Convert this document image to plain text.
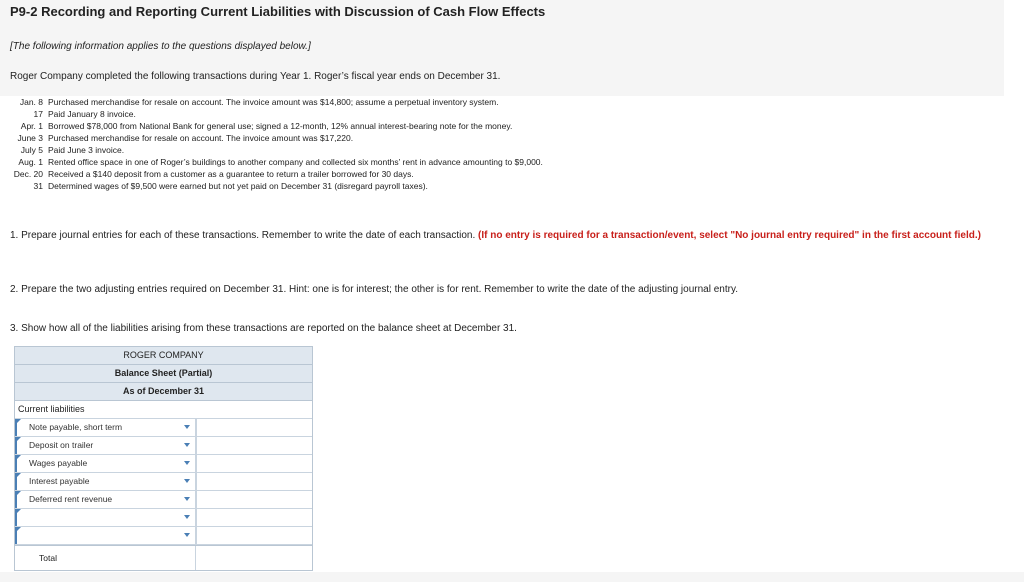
P9-2 Recording and Reporting Current Liabilities with Discussion of Cash Flow Effects
[The following information applies to the questions displayed below.]
Roger Company completed the following transactions during Year 1. Roger’s fiscal year ends on December 31.
Jan. 8 Purchased merchandise for resale on account. The invoice amount was $14,800; assume a perpetual inventory system.
17 Paid January 8 invoice.
Apr. 1 Borrowed $78,000 from National Bank for general use; signed a 12-month, 12% annual interest-bearing note for the money.
June 3 Purchased merchandise for resale on account. The invoice amount was $17,220.
July 5 Paid June 3 invoice.
Aug. 1 Rented office space in one of Roger’s buildings to another company and collected six months’ rent in advance amounting to $9,000.
Dec. 20 Received a $140 deposit from a customer as a guarantee to return a trailer borrowed for 30 days.
31 Determined wages of $9,500 were earned but not yet paid on December 31 (disregard payroll taxes).
1. Prepare journal entries for each of these transactions. Remember to write the date of each transaction. (If no entry is required for a transaction/event, select "No journal entry required" in the first account field.)
2. Prepare the two adjusting entries required on December 31. Hint: one is for interest; the other is for rent. Remember to write the date of the adjusting journal entry.
3. Show how all of the liabilities arising from these transactions are reported on the balance sheet at December 31.
ROGER COMPANY
Balance Sheet (Partial)
As of December 31
Current liabilities
Note payable, short term
Deposit on trailer
Wages payable
Interest payable
Deferred rent revenue
Total
